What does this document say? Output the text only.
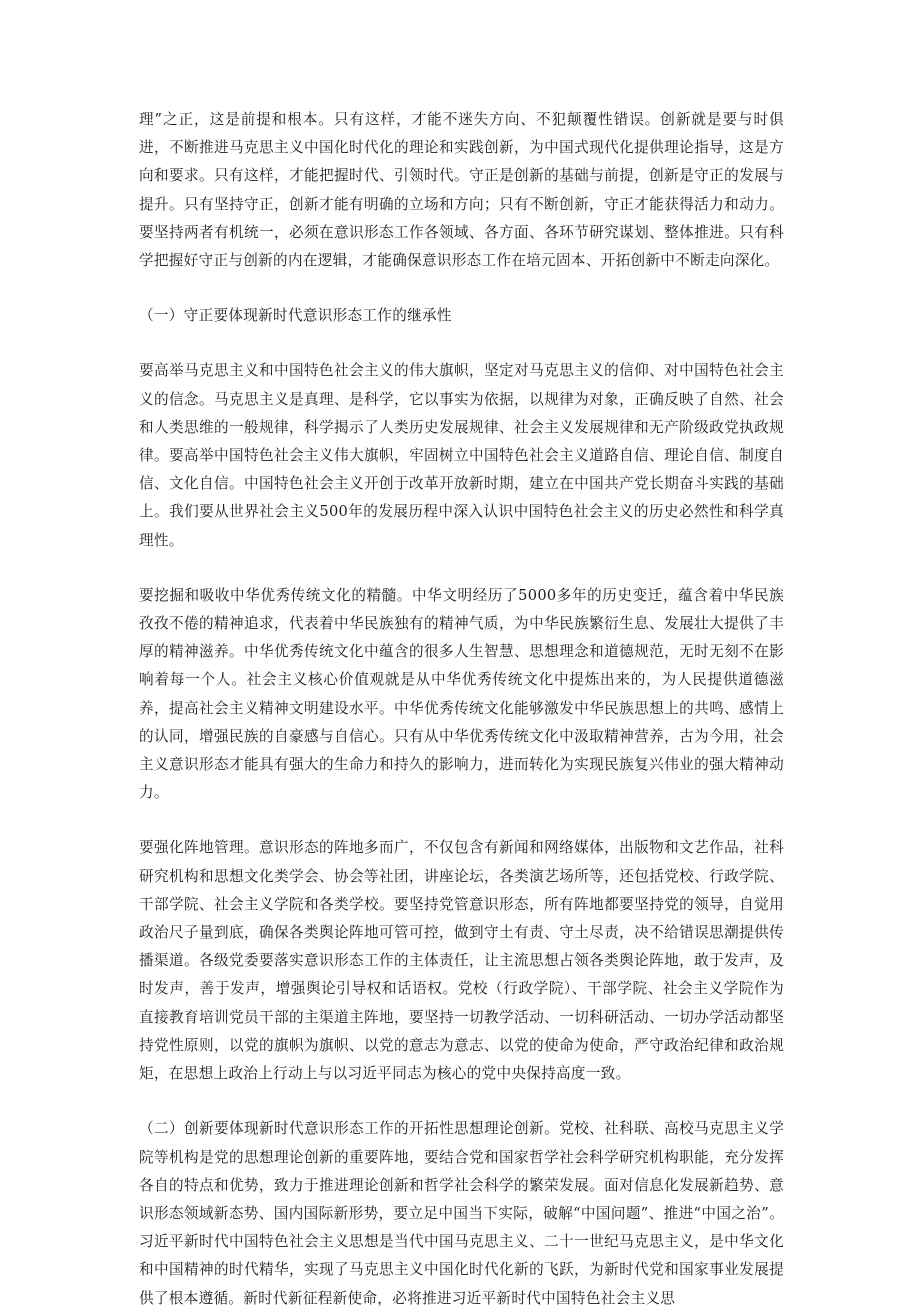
理”之正，这是前提和根本。只有这样，才能不迷失方向、不犯颠覆性错误。创新就是要与时俱进，不断推进马克思主义中国化时代化的理论和实践创新，为中国式现代化提供理论指导，这是方向和要求。只有这样，才能把握时代、引领时代。守正是创新的基础与前提，创新是守正的发展与提升。只有坚持守正，创新才能有明确的立场和方向；只有不断创新，守正才能获得活力和动力。要坚持两者有机统一，必须在意识形态工作各领域、各方面、各环节研究谋划、整体推进。只有科学把握好守正与创新的内在逻辑，才能确保意识形态工作在培元固本、开拓创新中不断走向深化。

（一）守正要体现新时代意识形态工作的继承性

要高举马克思主义和中国特色社会主义的伟大旗帜，坚定对马克思主义的信仰、对中国特色社会主义的信念。马克思主义是真理、是科学，它以事实为依据，以规律为对象，正确反映了自然、社会和人类思维的一般规律，科学揭示了人类历史发展规律、社会主义发展规律和无产阶级政党执政规律。要高举中国特色社会主义伟大旗帜，牢固树立中国特色社会主义道路自信、理论自信、制度自信、文化自信。中国特色社会主义开创于改革开放新时期，建立在中国共产党长期奋斗实践的基础上。我们要从世界社会主义500年的发展历程中深入认识中国特色社会主义的历史必然性和科学真理性。

要挖掘和吸收中华优秀传统文化的精髓。中华文明经历了5000多年的历史变迁，蕴含着中华民族孜孜不倦的精神追求，代表着中华民族独有的精神气质，为中华民族繁衍生息、发展壮大提供了丰厚的精神滋养。中华优秀传统文化中蕴含的很多人生智慧、思想理念和道德规范，无时无刻不在影响着每一个人。社会主义核心价值观就是从中华优秀传统文化中提炼出来的，为人民提供道德滋养，提高社会主义精神文明建设水平。中华优秀传统文化能够激发中华民族思想上的共鸣、感情上的认同，增强民族的自豪感与自信心。只有从中华优秀传统文化中汲取精神营养，古为今用，社会主义意识形态才能具有强大的生命力和持久的影响力，进而转化为实现民族复兴伟业的强大精神动力。

要强化阵地管理。意识形态的阵地多而广，不仅包含有新闻和网络媒体，出版物和文艺作品，社科研究机构和思想文化类学会、协会等社团，讲座论坛，各类演艺场所等，还包括党校、行政学院、干部学院、社会主义学院和各类学校。要坚持党管意识形态，所有阵地都要坚持党的领导，自觉用政治尺子量到底，确保各类舆论阵地可管可控，做到守土有责、守土尽责，决不给错误思潮提供传播渠道。各级党委要落实意识形态工作的主体责任，让主流思想占领各类舆论阵地，敢于发声，及时发声，善于发声，增强舆论引导权和话语权。党校（行政学院）、干部学院、社会主义学院作为直接教育培训党员干部的主渠道主阵地，要坚持一切教学活动、一切科研活动、一切办学活动都坚持党性原则，以党的旗帜为旗帜、以党的意志为意志、以党的使命为使命，严守政治纪律和政治规矩，在思想上政治上行动上与以习近平同志为核心的党中央保持高度一致。

（二）创新要体现新时代意识形态工作的开拓性思想理论创新。党校、社科联、高校马克思主义学院等机构是党的思想理论创新的重要阵地，要结合党和国家哲学社会科学研究机构职能，充分发挥各自的特点和优势，致力于推进理论创新和哲学社会科学的繁荣发展。面对信息化发展新趋势、意识形态领域新态势、国内国际新形势，要立足中国当下实际，破解“中国问题”、推进“中国之治”。习近平新时代中国特色社会主义思想是当代中国马克思主义、二十一世纪马克思主义，是中华文化和中国精神的时代精华，实现了马克思主义中国化时代化新的飞跃，为新时代党和国家事业发展提供了根本遵循。新时代新征程新使命，必将推进习近平新时代中国特色社会主义思
